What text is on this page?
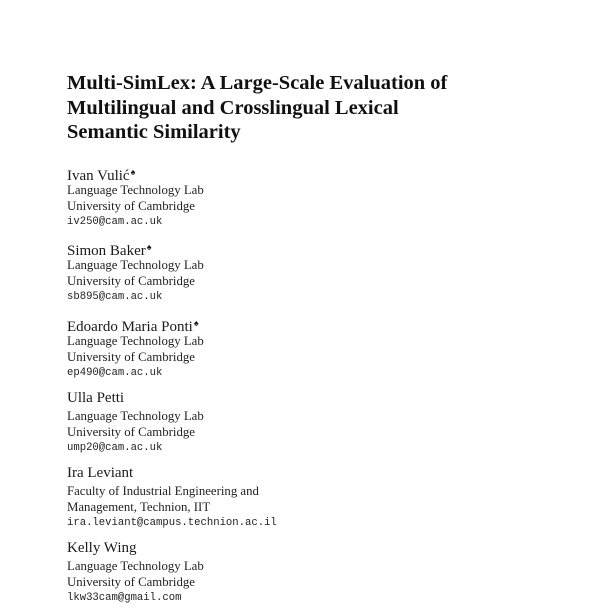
Multi-SimLex: A Large-Scale Evaluation of
Multilingual and Crosslingual Lexical
Semantic Similarity
Ivan Vulić♠
Language Technology Lab
University of Cambridge
iv250@cam.ac.uk
Simon Baker♠
Language Technology Lab
University of Cambridge
sb895@cam.ac.uk
Edoardo Maria Ponti♠
Language Technology Lab
University of Cambridge
ep490@cam.ac.uk
Ulla Petti
Language Technology Lab
University of Cambridge
ump20@cam.ac.uk
Ira Leviant
Faculty of Industrial Engineering and
Management, Technion, IIT
ira.leviant@campus.technion.ac.il
Kelly Wing
Language Technology Lab
University of Cambridge
lkw33cam@gmail.com
